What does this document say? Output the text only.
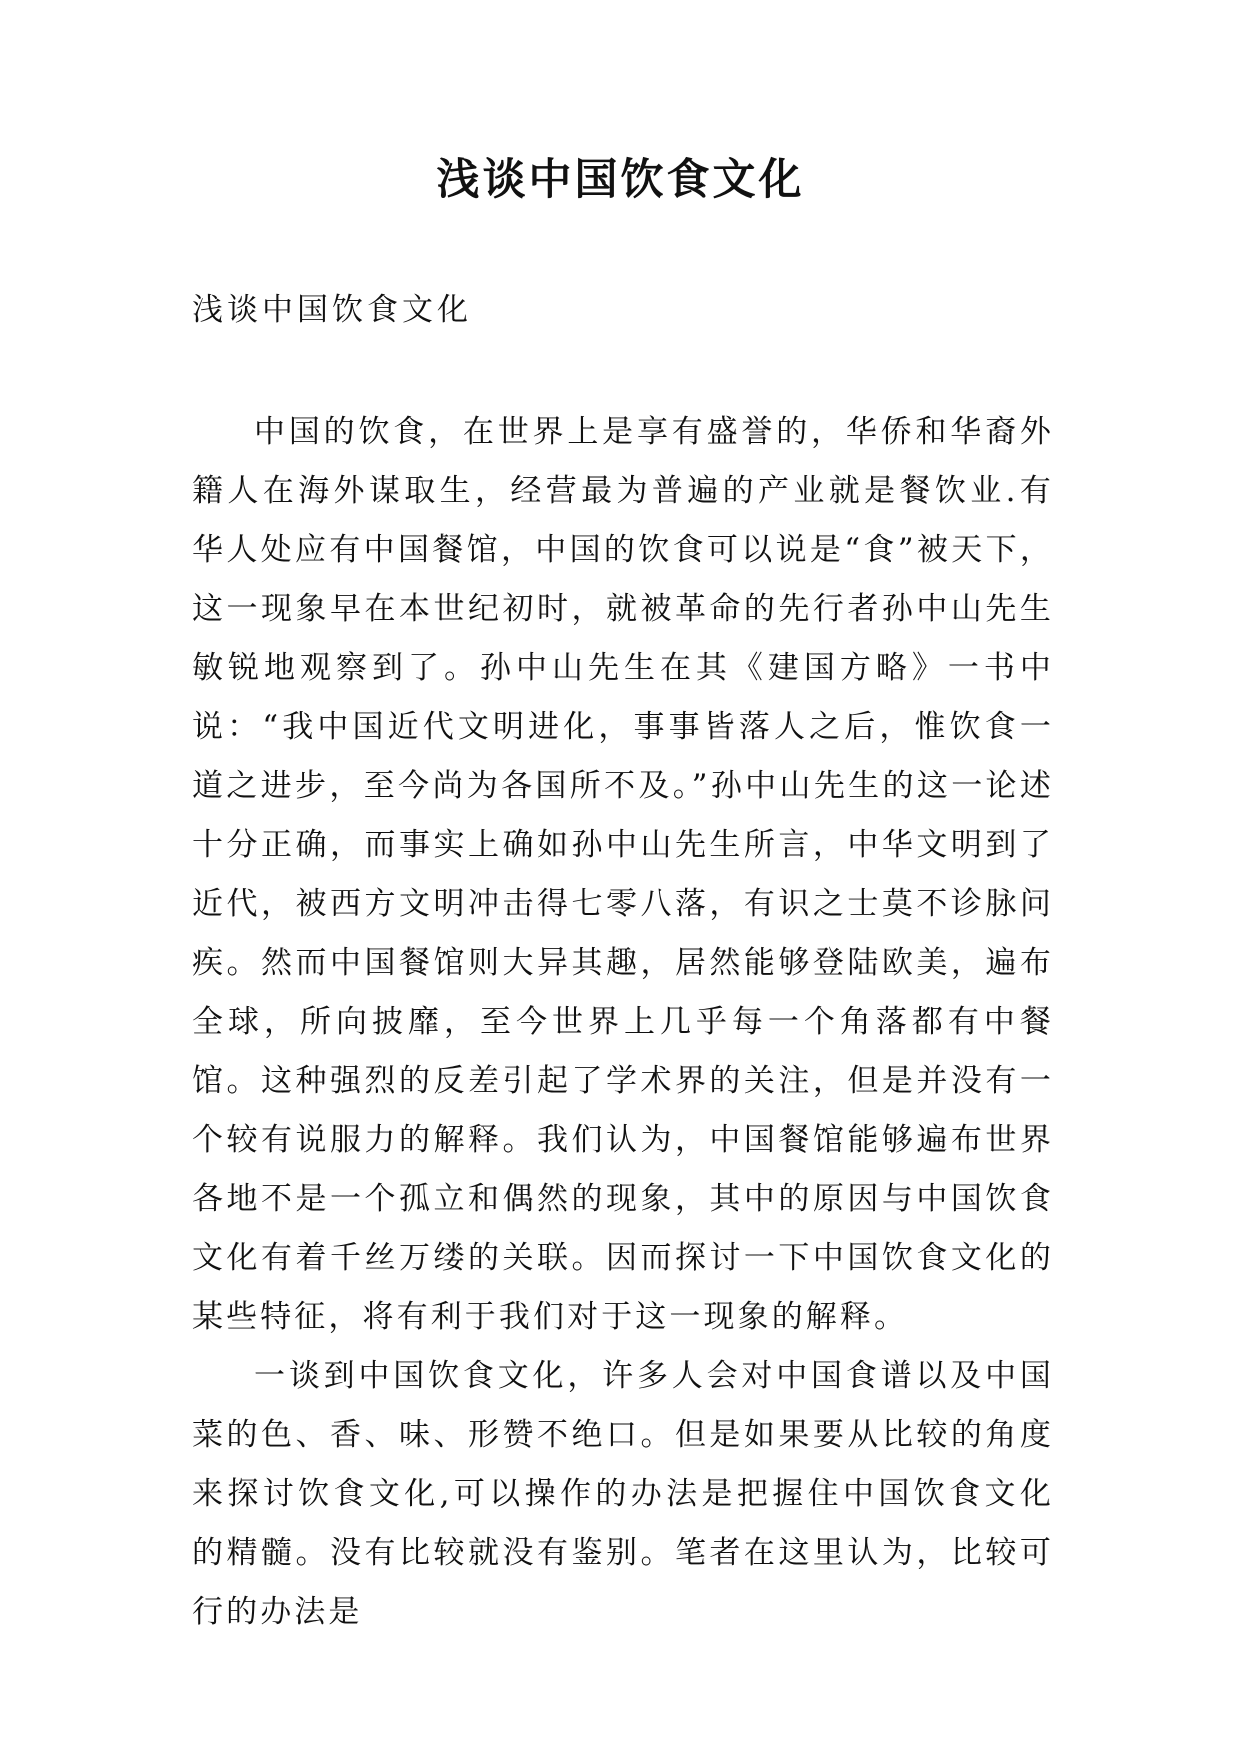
浅谈中国饮食文化
浅谈中国饮食文化

中国的饮食，在世界上是享有盛誉的，华侨和华裔外籍人在海外谋取生，经营最为普遍的产业就是餐饮业.有华人处应有中国餐馆，中国的饮食可以说是“食”被天下，这一现象早在本世纪初时，就被革命的先行者孙中山先生敏锐地观察到了。孙中山先生在其《建国方略》一书中说：“我中国近代文明进化，事事皆落人之后，惟饮食一道之进步，至今尚为各国所不及。”孙中山先生的这一论述十分正确，而事实上确如孙中山先生所言，中华文明到了近代，被西方文明冲击得七零八落，有识之士莫不诊脉问疾。然而中国餐馆则大异其趣，居然能够登陆欧美，遍布全球，所向披靡，至今世界上几乎每一个角落都有中餐馆。这种强烈的反差引起了学术界的关注，但是并没有一个较有说服力的解释。我们认为，中国餐馆能够遍布世界各地不是一个孤立和偶然的现象，其中的原因与中国饮食文化有着千丝万缕的关联。因而探讨一下中国饮食文化的某些特征，将有利于我们对于这一现象的解释。

一谈到中国饮食文化，许多人会对中国食谱以及中国菜的色、香、味、形赞不绝口。但是如果要从比较的角度来探讨饮食文化,可以操作的办法是把握住中国饮食文化的精髓。没有比较就没有鉴别。笔者在这里认为，比较可行的办法是
